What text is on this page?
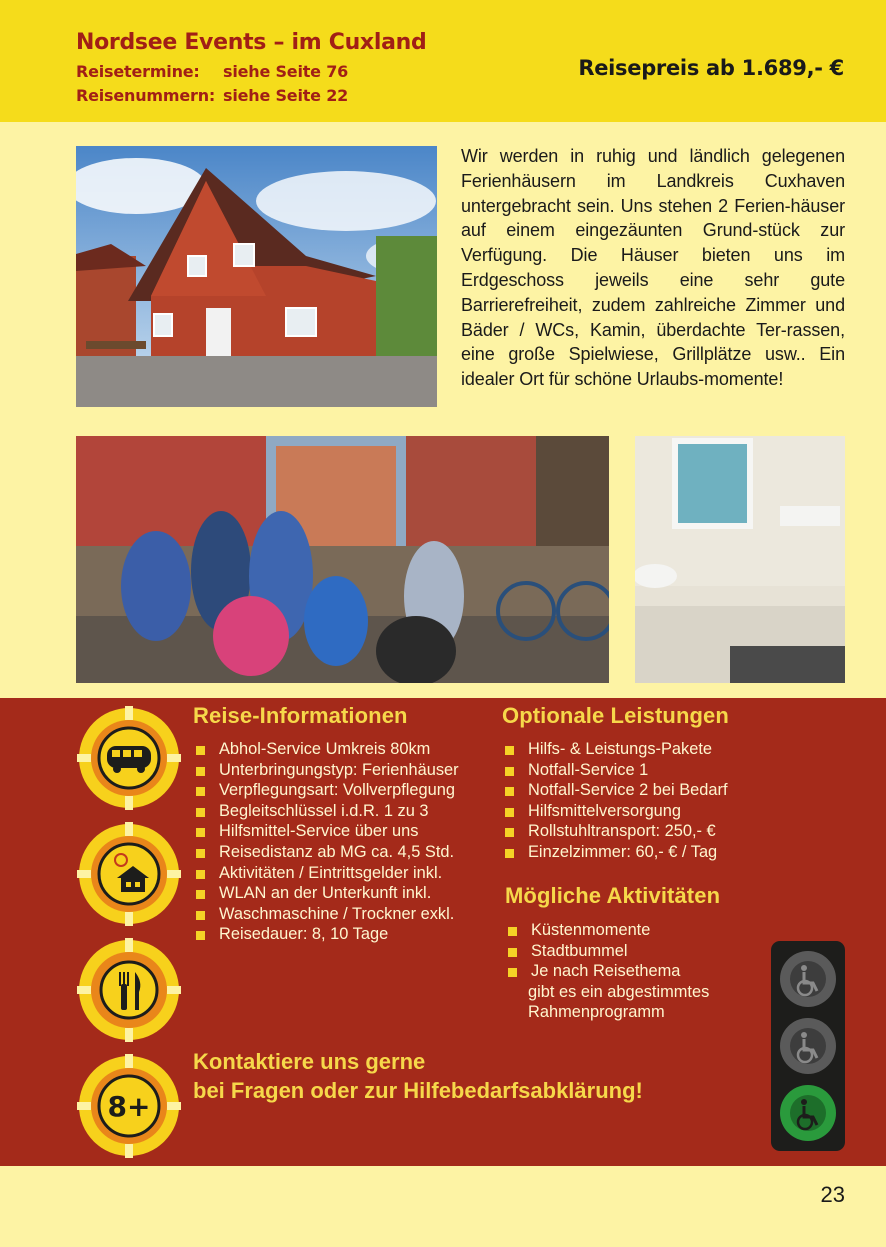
Nordsee Events – im Cuxland
Reisetermine: siehe Seite 76
Reisenummern: siehe Seite 22
Reisepreis ab 1.689,- €
Wir werden in ruhig und ländlich gelegenen Ferienhäusern im Landkreis Cuxhaven untergebracht sein. Uns stehen 2 Ferien-häuser auf einem eingezäunten Grund-stück zur Verfügung. Die Häuser bieten uns im Erdgeschoss jeweils eine sehr gute Barrierefreiheit, zudem zahlreiche Zimmer und Bäder / WCs, Kamin, überdachte Ter-rassen, eine große Spielwiese, Grillplätze usw.. Ein idealer Ort für schöne Urlaubs-momente!
8+
Reise-Informationen
Abhol-Service Umkreis 80km
Unterbringungstyp: Ferienhäuser
Verpflegungsart: Vollverpflegung
Begleitschlüssel i.d.R. 1 zu 3
Hilfsmittel-Service über uns
Reisedistanz ab MG ca. 4,5 Std.
Aktivitäten / Eintrittsgelder inkl.
WLAN an der Unterkunft inkl.
Waschmaschine / Trockner exkl.
Reisedauer: 8, 10 Tage
Optionale Leistungen
Hilfs- & Leistungs-Pakete
Notfall-Service 1
Notfall-Service 2 bei Bedarf
Hilfsmittelversorgung
Rollstuhltransport: 250,- €
Einzelzimmer: 60,- € / Tag
Mögliche Aktivitäten
Küstenmomente
Stadtbummel
Je nach Reisethema
gibt es ein abgestimmtes
Rahmenprogramm
Kontaktiere uns gerne
bei Fragen oder zur Hilfebedarfsabklärung!
23
